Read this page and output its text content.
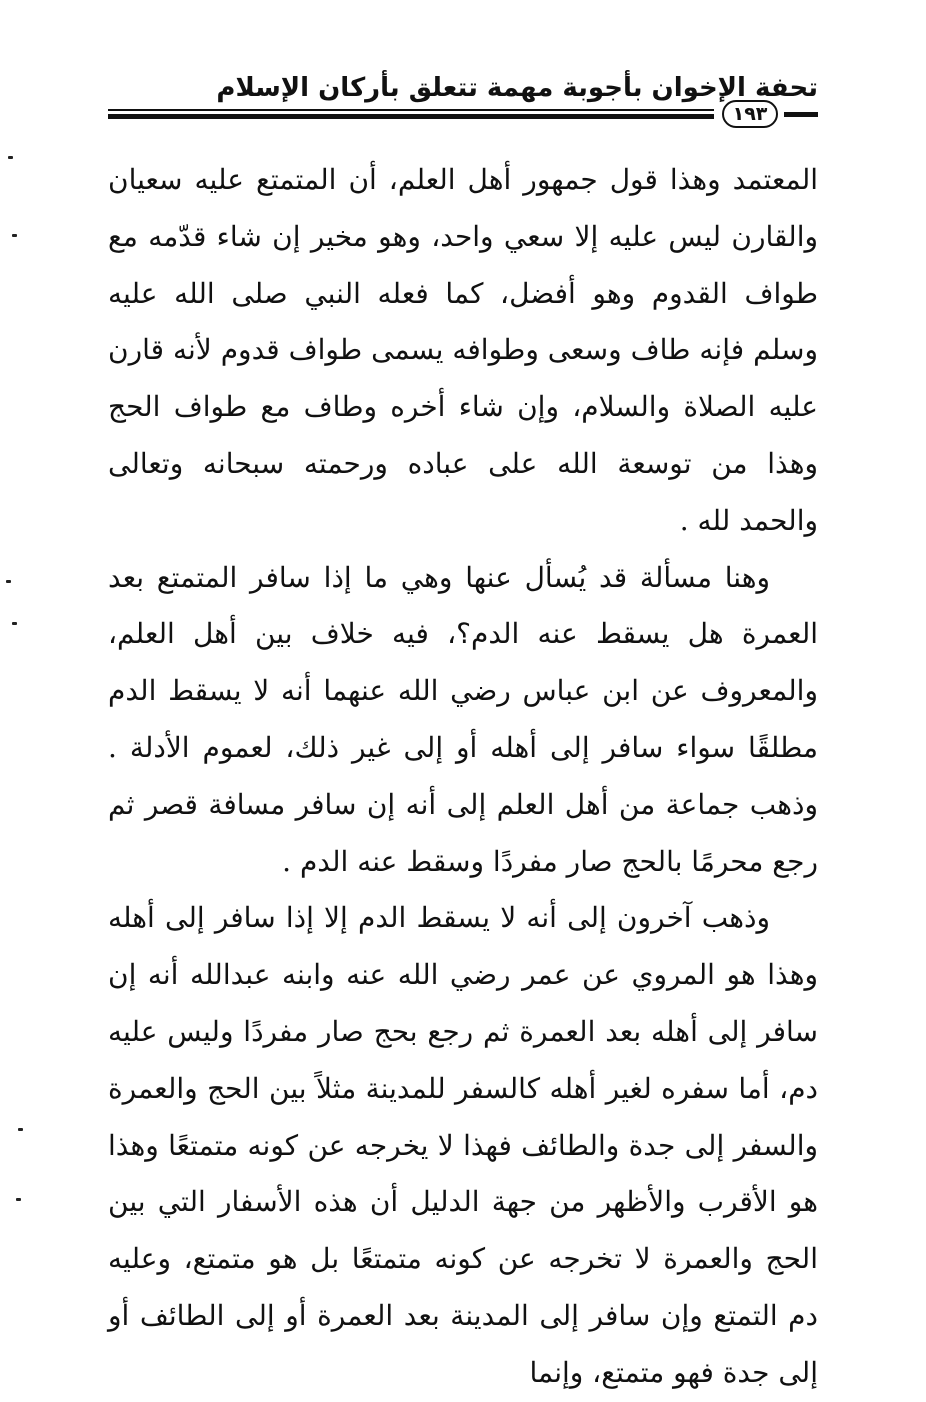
تحفة الإخوان بأجوبة مهمة تتعلق بأركان الإسلام
١٩٣

المعتمد وهذا قول جمهور أهل العلم، أن المتمتع عليه سعيان والقارن ليس عليه إلا سعي واحد، وهو مخير إن شاء قدّمه مع طواف القدوم وهو أفضل، كما فعله النبي صلى الله عليه وسلم فإنه طاف وسعى وطوافه يسمى طواف قدوم لأنه قارن عليه الصلاة والسلام، وإن شاء أخره وطاف مع طواف الحج وهذا من توسعة الله على عباده ورحمته سبحانه وتعالى والحمد لله .

وهنا مسألة قد يُسأل عنها وهي ما إذا سافر المتمتع بعد العمرة هل يسقط عنه الدم؟، فيه خلاف بين أهل العلم، والمعروف عن ابن عباس رضي الله عنهما أنه لا يسقط الدم مطلقًا سواء سافر إلى أهله أو إلى غير ذلك، لعموم الأدلة . وذهب جماعة من أهل العلم إلى أنه إن سافر مسافة قصر ثم رجع محرمًا بالحج صار مفردًا وسقط عنه الدم .

وذهب آخرون إلى أنه لا يسقط الدم إلا إذا سافر إلى أهله وهذا هو المروي عن عمر رضي الله عنه وابنه عبدالله أنه إن سافر إلى أهله بعد العمرة ثم رجع بحج صار مفردًا وليس عليه دم، أما سفره لغير أهله كالسفر للمدينة مثلاً بين الحج والعمرة والسفر إلى جدة والطائف فهذا لا يخرجه عن كونه متمتعًا وهذا هو الأقرب والأظهر من جهة الدليل أن هذه الأسفار التي بين الحج والعمرة لا تخرجه عن كونه متمتعًا بل هو متمتع، وعليه دم التمتع وإن سافر إلى المدينة بعد العمرة أو إلى الطائف أو إلى جدة فهو متمتع، وإنما
